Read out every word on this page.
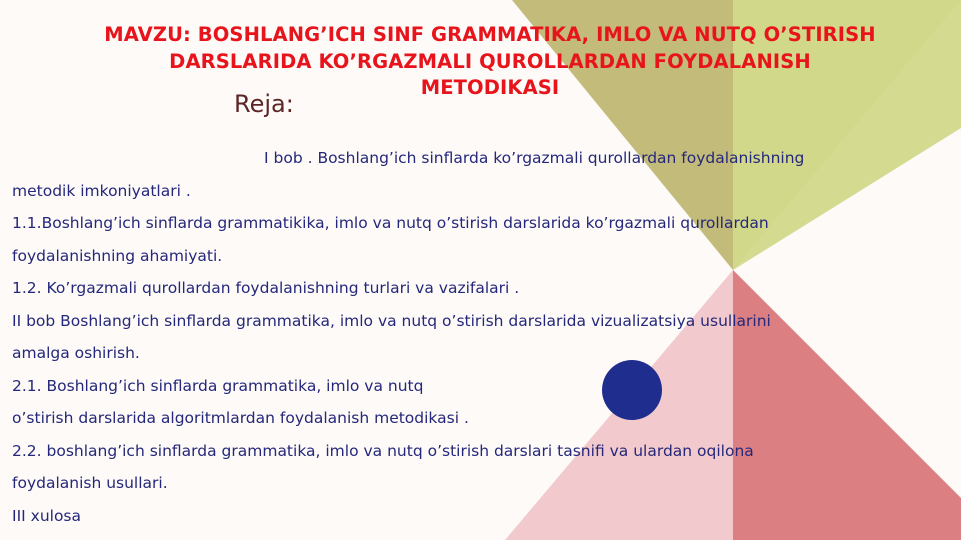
MAVZU: BOSHLANG’ICH SINF GRAMMATIKA, IMLO VA NUTQ O’STIRISH
DARSLARIDA KO’RGAZMALI QUROLLARDAN FOYDALANISH
METODIKASI
Reja:
I bob . Boshlang’ich sinflarda ko’rgazmali qurollardan foydalanishning
metodik imkoniyatlari .
1.1.Boshlang’ich sinflarda grammatikika, imlo va nutq o’stirish darslarida ko’rgazmali qurollardan
foydalanishning ahamiyati.
1.2. Ko’rgazmali qurollardan foydalanishning turlari va vazifalari .
II bob Boshlang’ich sinflarda grammatika, imlo va nutq o’stirish darslarida vizualizatsiya usullarini
amalga oshirish.
2.1. Boshlang’ich sinflarda grammatika, imlo va nutq
o’stirish darslarida algoritmlardan foydalanish metodikasi .
2.2. boshlang’ich sinflarda grammatika, imlo va nutq o’stirish darslari tasnifi va ulardan oqilona
foydalanish usullari.
III xulosa
